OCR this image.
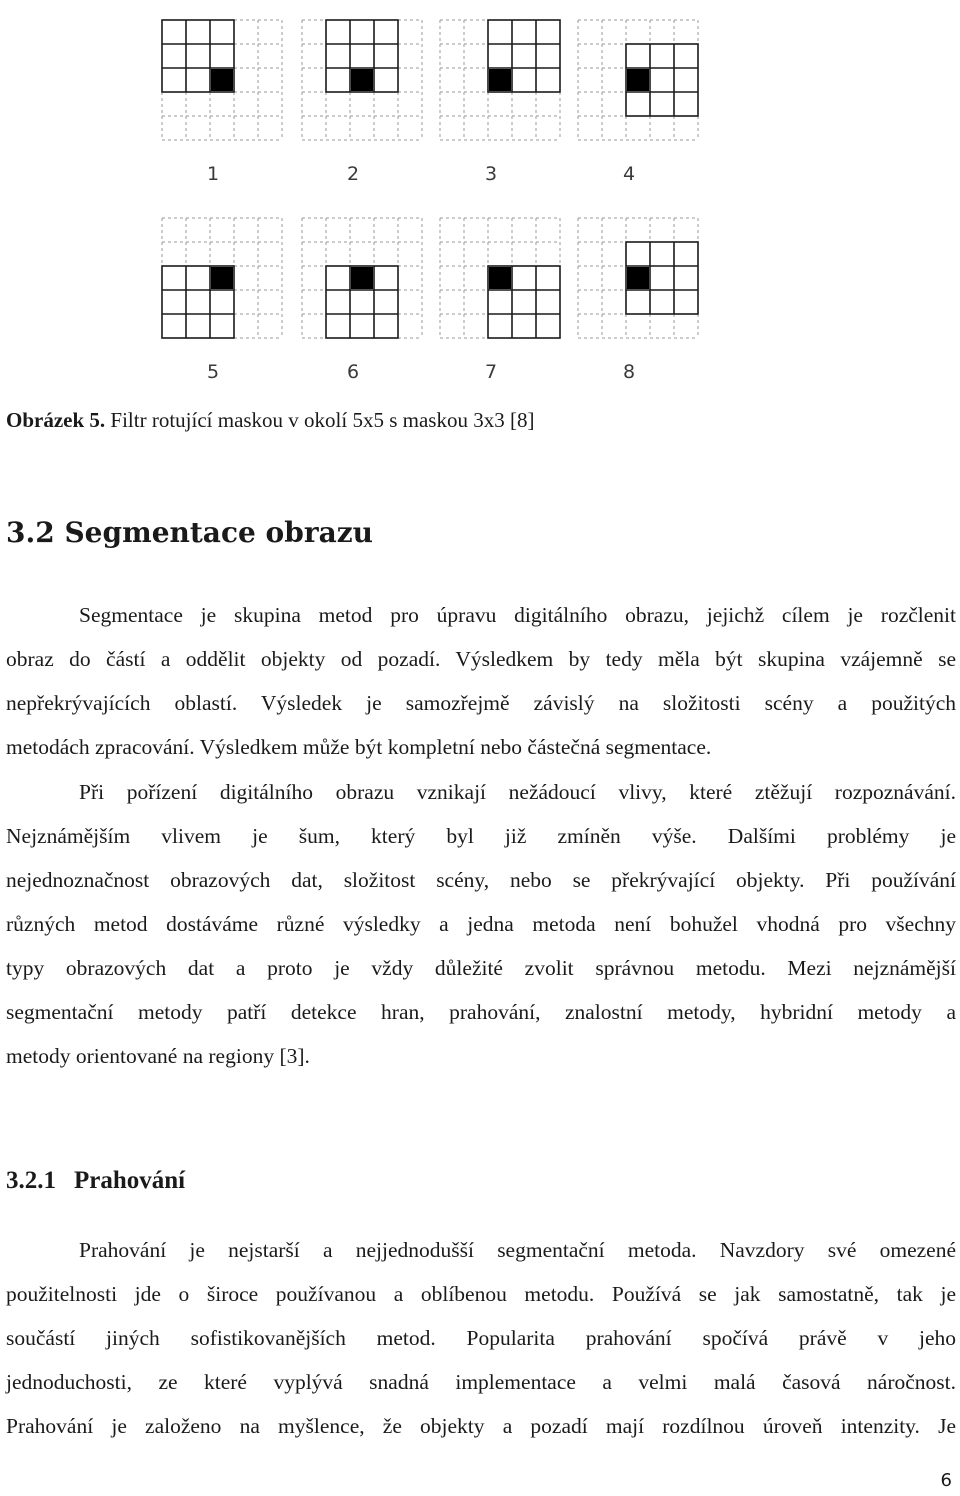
1	2	3	4
5	6	7	8
Obrázek 5. Filtr rotující maskou v okolí 5x5 s maskou 3x3 [8]
3.2 Segmentace obrazu
Segmentace je skupina metod pro úpravu digitálního obrazu, jejichž cílem je rozčlenit
obraz do částí a oddělit objekty od pozadí. Výsledkem by tedy měla být skupina vzájemně se
nepřekrývajících oblastí. Výsledek je samozřejmě závislý na složitosti scény a použitých
metodách zpracování. Výsledkem může být kompletní nebo částečná segmentace.
Při pořízení digitálního obrazu vznikají nežádoucí vlivy, které ztěžují rozpoznávání.
Nejznámějším vlivem je šum, který byl již zmíněn výše. Dalšími problémy je
nejednoznačnost obrazových dat, složitost scény, nebo se překrývající objekty. Při používání
různých metod dostáváme různé výsledky a jedna metoda není bohužel vhodná pro všechny
typy obrazových dat a proto je vždy důležité zvolit správnou metodu. Mezi nejznámější
segmentační metody patří detekce hran, prahování, znalostní metody, hybridní metody a
metody orientované na regiony [3].
3.2.1 Prahování
Prahování je nejstarší a nejjednodušší segmentační metoda. Navzdory své omezené
použitelnosti jde o široce používanou a oblíbenou metodu. Používá se jak samostatně, tak je
součástí jiných sofistikovanějších metod. Popularita prahování spočívá právě v jeho
jednoduchosti, ze které vyplývá snadná implementace a velmi malá časová náročnost.
Prahování je založeno na myšlence, že objekty a pozadí mají rozdílnou úroveň intenzity. Je
6
